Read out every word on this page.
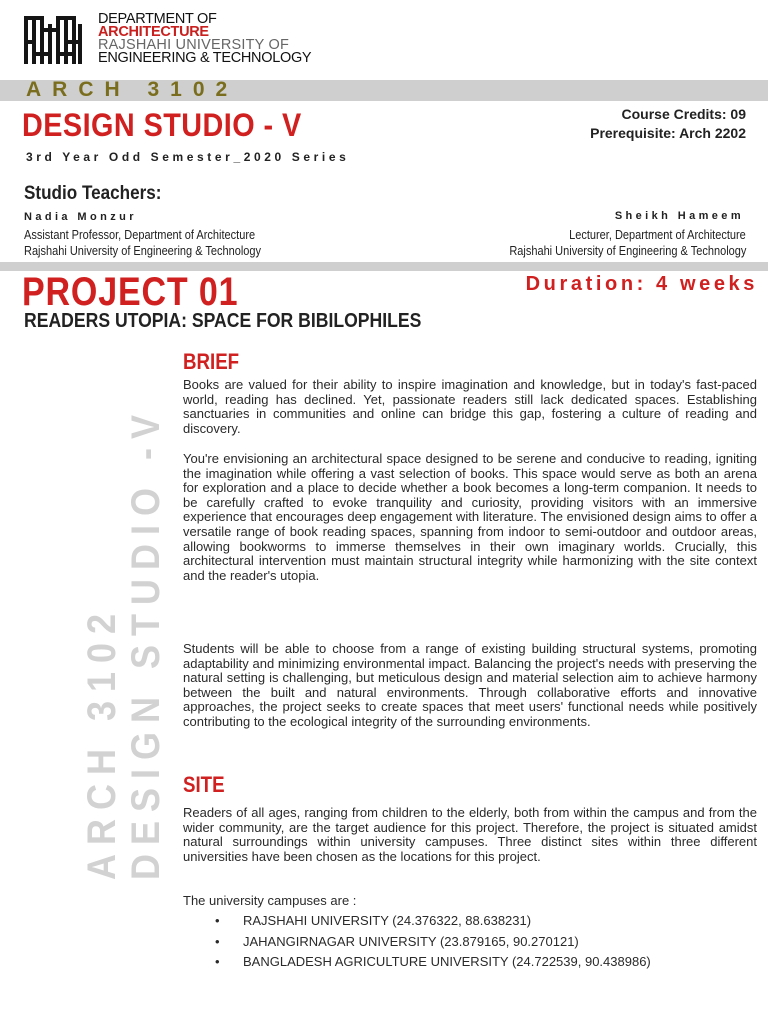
DEPARTMENT OF
ARCHITECTURE
RAJSHAHI UNIVERSITY OF
ENGINEERING & TECHNOLOGY
ARCH 3102
DESIGN STUDIO - V
3rd Year Odd Semester_2020 Series
Course Credits: 09
Prerequisite: Arch 2202
Studio Teachers:
Nadia Monzur
Assistant Professor, Department of Architecture
Rajshahi University of Engineering & Technology
Sheikh Hameem
Lecturer, Department of Architecture
Rajshahi University of Engineering & Technology
PROJECT 01	Duration: 4 weeks
READERS UTOPIA: SPACE FOR BIBILOPHILES
ARCH 3102 DESIGN STUDIO -V
BRIEF
Books are valued for their ability to inspire imagination and knowledge, but in today's fast-paced world, reading has declined. Yet, passionate readers still lack dedicated spaces. Establishing sanctuaries in communities and online can bridge this gap, fostering a culture of reading and discovery.
You're envisioning an architectural space designed to be serene and conducive to reading, igniting the imagination while offering a vast selection of books. This space would serve as both an arena for exploration and a place to decide whether a book becomes a long-term companion. It needs to be carefully crafted to evoke tranquility and curiosity, providing visitors with an immersive experience that encourages deep engagement with literature. The envisioned design aims to offer a versatile range of book reading spaces, spanning from indoor to semi-outdoor and outdoor areas, allowing bookworms to immerse themselves in their own imaginary worlds. Crucially, this architectural intervention must maintain structural integrity while harmonizing with the site context and the reader's utopia.
Students will be able to choose from a range of existing building structural systems, promoting adaptability and minimizing environmental impact. Balancing the project's needs with preserving the natural setting is challenging, but meticulous design and material selection aim to achieve harmony between the built and natural environments. Through collaborative efforts and innovative approaches, the project seeks to create spaces that meet users' functional needs while positively contributing to the ecological integrity of the surrounding environments.
SITE
Readers of all ages, ranging from children to the elderly, both from within the campus and from the wider community, are the target audience for this project. Therefore, the project is situated amidst natural surroundings within university campuses. Three distinct sites within three different universities have been chosen as the locations for this project.
The university campuses are :
• RAJSHAHI UNIVERSITY (24.376322, 88.638231)
• JAHANGIRNAGAR UNIVERSITY (23.879165, 90.270121)
• BANGLADESH AGRICULTURE UNIVERSITY (24.722539, 90.438986)
